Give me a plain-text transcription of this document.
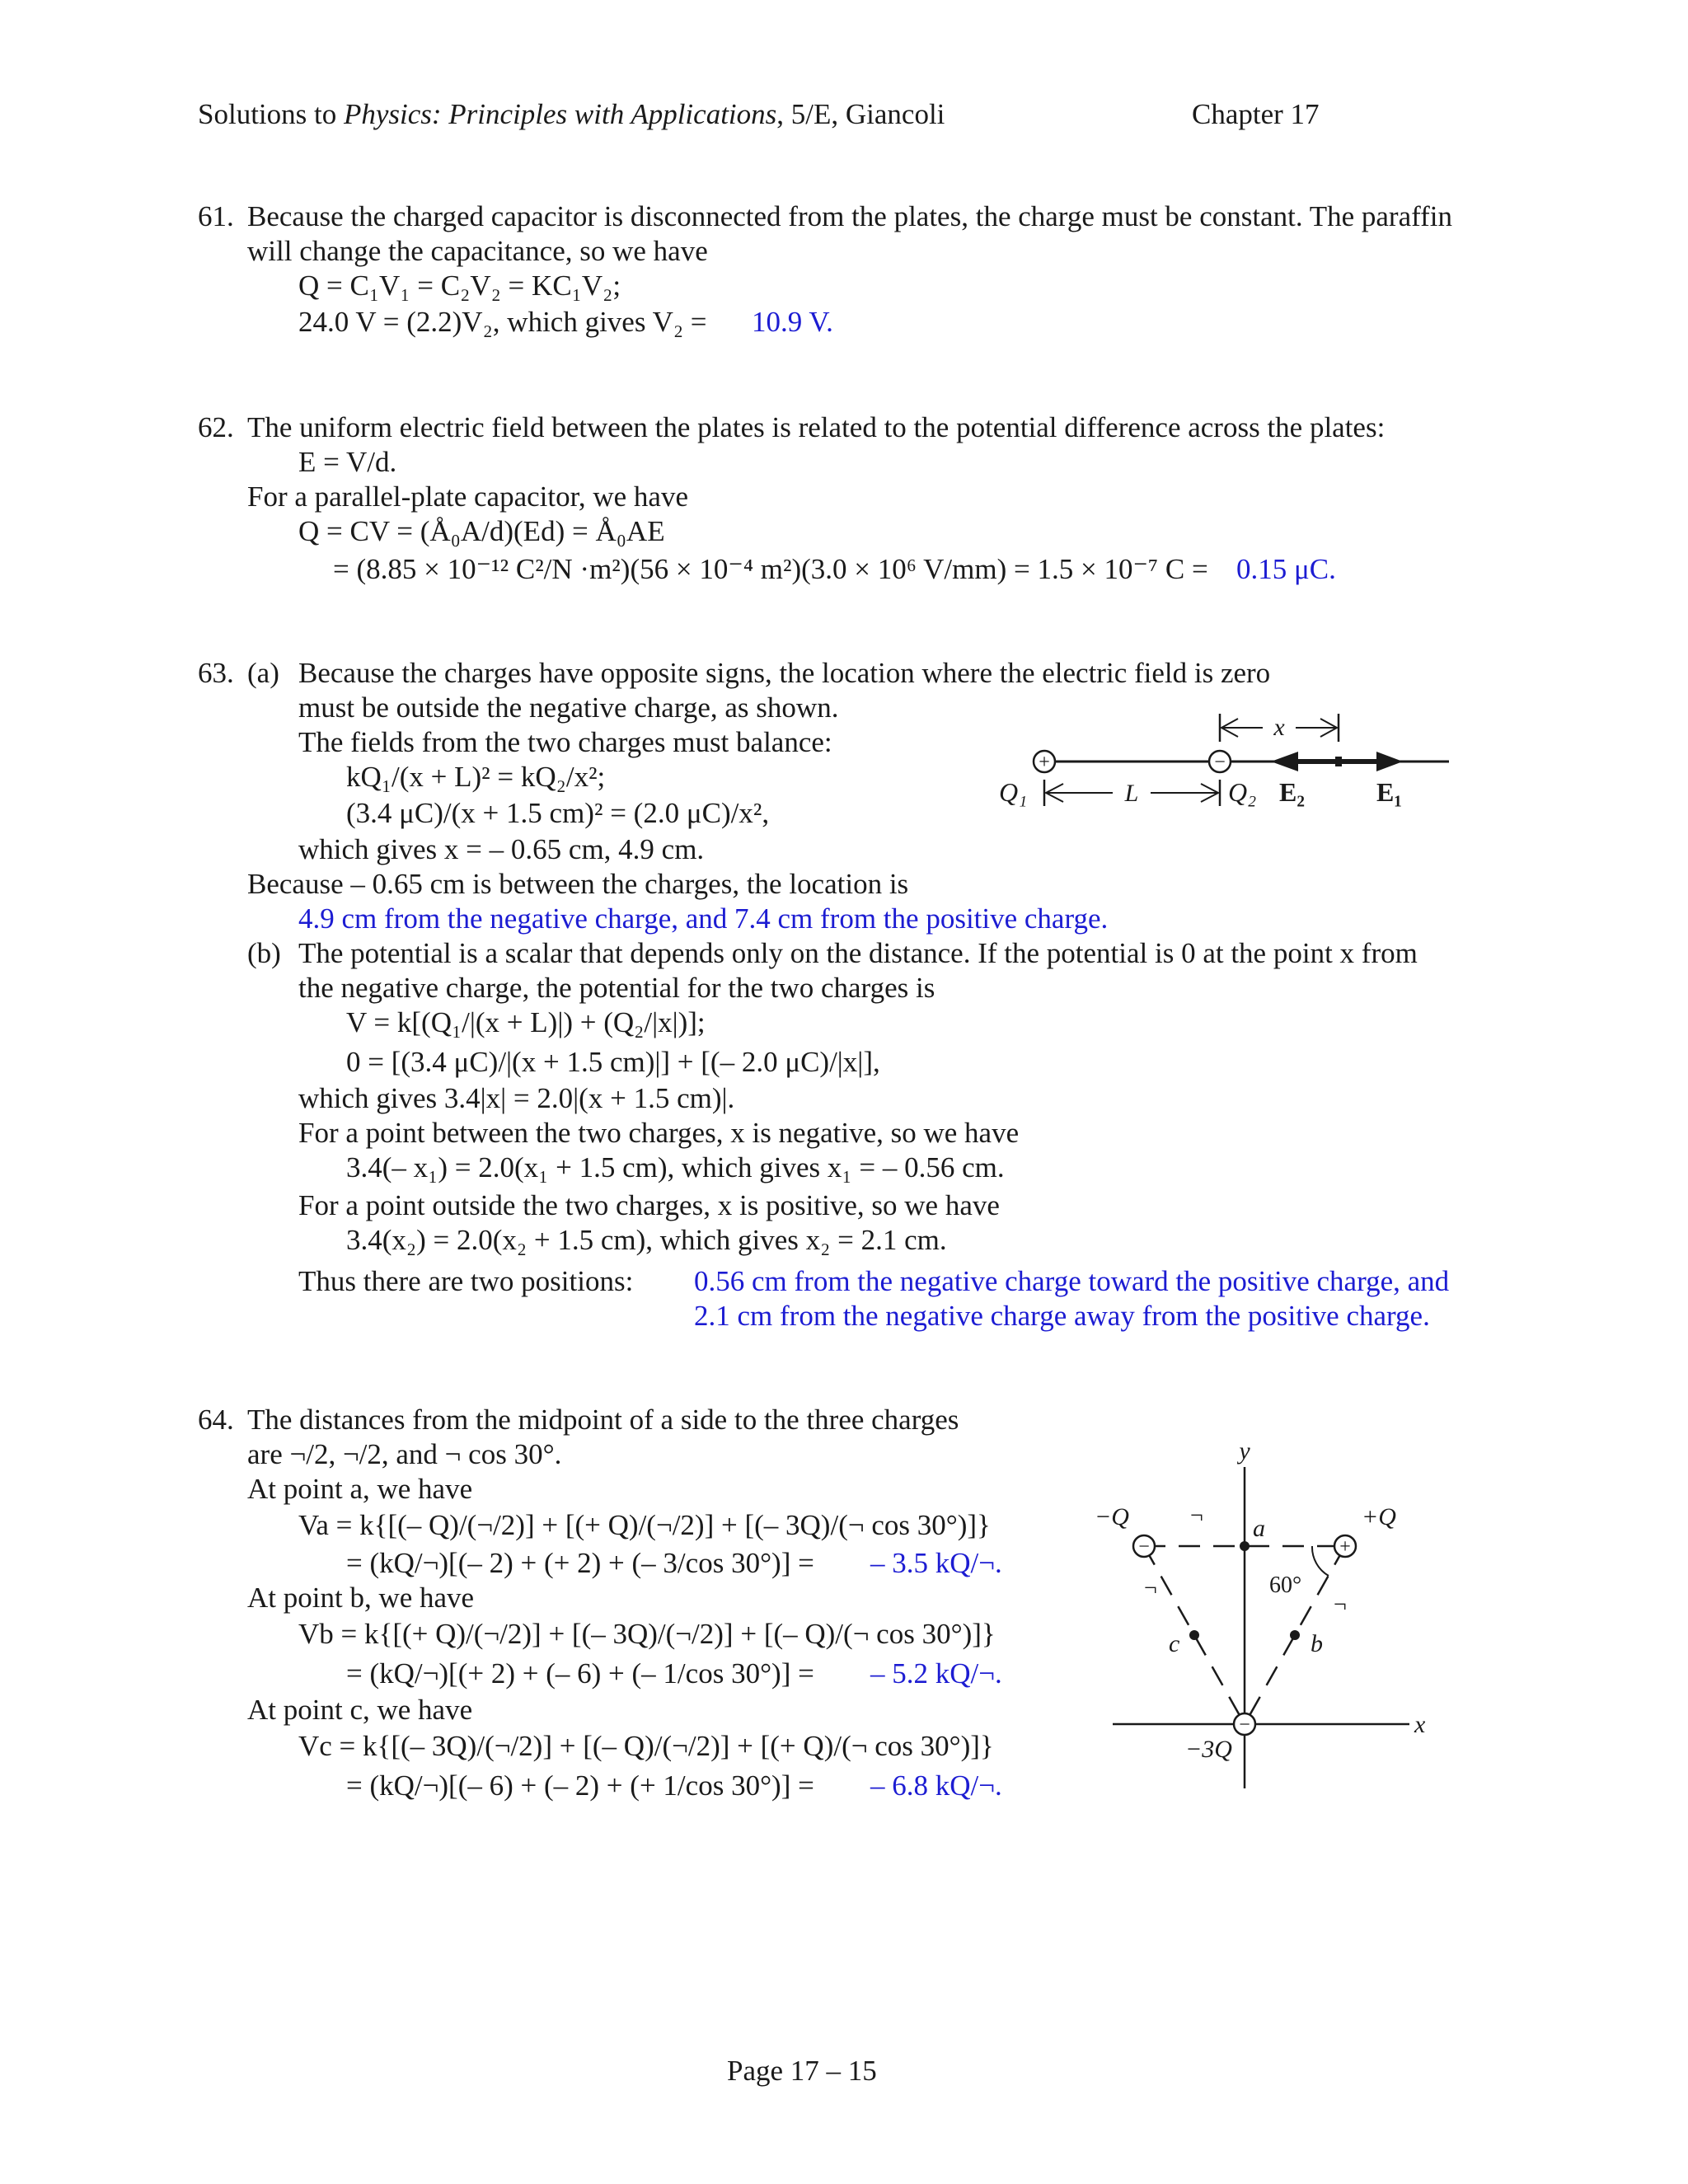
Solutions to Physics: Principles with Applications, 5/E, Giancoli	Chapter 17
61. Because the charged capacitor is disconnected from the plates, the charge must be constant. The paraffin
will change the capacitance, so we have
Q = C₁V₁ = C₂V₂ = KC₁V₂;
24.0 V = (2.2)V₂, which gives V₂ = 10.9 V.
62. The uniform electric field between the plates is related to the potential difference across the plates:
E = V/d.
For a parallel-plate capacitor, we have
Q = CV = (Å₀A/d)(Ed) = Å₀AE
= (8.85 × 10⁻¹² C²/N ·m²)(56 × 10⁻⁴ m²)(3.0 × 10⁶ V/mm) = 1.5 × 10⁻⁷ C = 0.15 μC.
63. (a) Because the charges have opposite signs, the location where the electric field is zero
must be outside the negative charge, as shown.
The fields from the two charges must balance:
kQ₁/(x + L)² = kQ₂/x²;
(3.4 μC)/(x + 1.5 cm)² = (2.0 μC)/x²,
which gives x = – 0.65 cm, 4.9 cm.
Because – 0.65 cm is between the charges, the location is
4.9 cm from the negative charge, and 7.4 cm from the positive charge.
(b) The potential is a scalar that depends only on the distance. If the potential is 0 at the point x from
the negative charge, the potential for the two charges is
V = k[(Q₁/|(x + L)|) + (Q₂/|x|)];
0 = [(3.4 μC)/|(x + 1.5 cm)|] + [(– 2.0 μC)/|x|],
which gives 3.4|x| = 2.0|(x + 1.5 cm)|.
For a point between the two charges, x is negative, so we have
3.4(– x₁) = 2.0(x₁ + 1.5 cm), which gives x₁ = – 0.56 cm.
For a point outside the two charges, x is positive, so we have
3.4(x₂) = 2.0(x₂ + 1.5 cm), which gives x₂ = 2.1 cm.
Thus there are two positions: 0.56 cm from the negative charge toward the positive charge, and
2.1 cm from the negative charge away from the positive charge.
+	−
x
L
Q₁	Q₂ E₂	E₁
64. The distances from the midpoint of a side to the three charges
are ¬/2, ¬/2, and ¬ cos 30°.
At point a, we have
Va = k{[(– Q)/(¬/2)] + [(+ Q)/(¬/2)] + [(– 3Q)/(¬ cos 30°)]}
= (kQ/¬)[(– 2) + (+ 2) + (– 3/cos 30°)] = – 3.5 kQ/¬.
At point b, we have
Vb = k{[(+ Q)/(¬/2)] + [(– 3Q)/(¬/2)] + [(– Q)/(¬ cos 30°)]}
= (kQ/¬)[(+ 2) + (– 6) + (– 1/cos 30°)] = – 5.2 kQ/¬.
At point c, we have
Vc = k{[(– 3Q)/(¬/2)] + [(– Q)/(¬/2)] + [(+ Q)/(¬ cos 30°)]}
= (kQ/¬)[(– 6) + (– 2) + (+ 1/cos 30°)] = – 6.8 kQ/¬.
y
x
−	+
−
−Q	+Q
−3Q
a
b
c
60°
¬
¬
¬
Page 17 – 15
